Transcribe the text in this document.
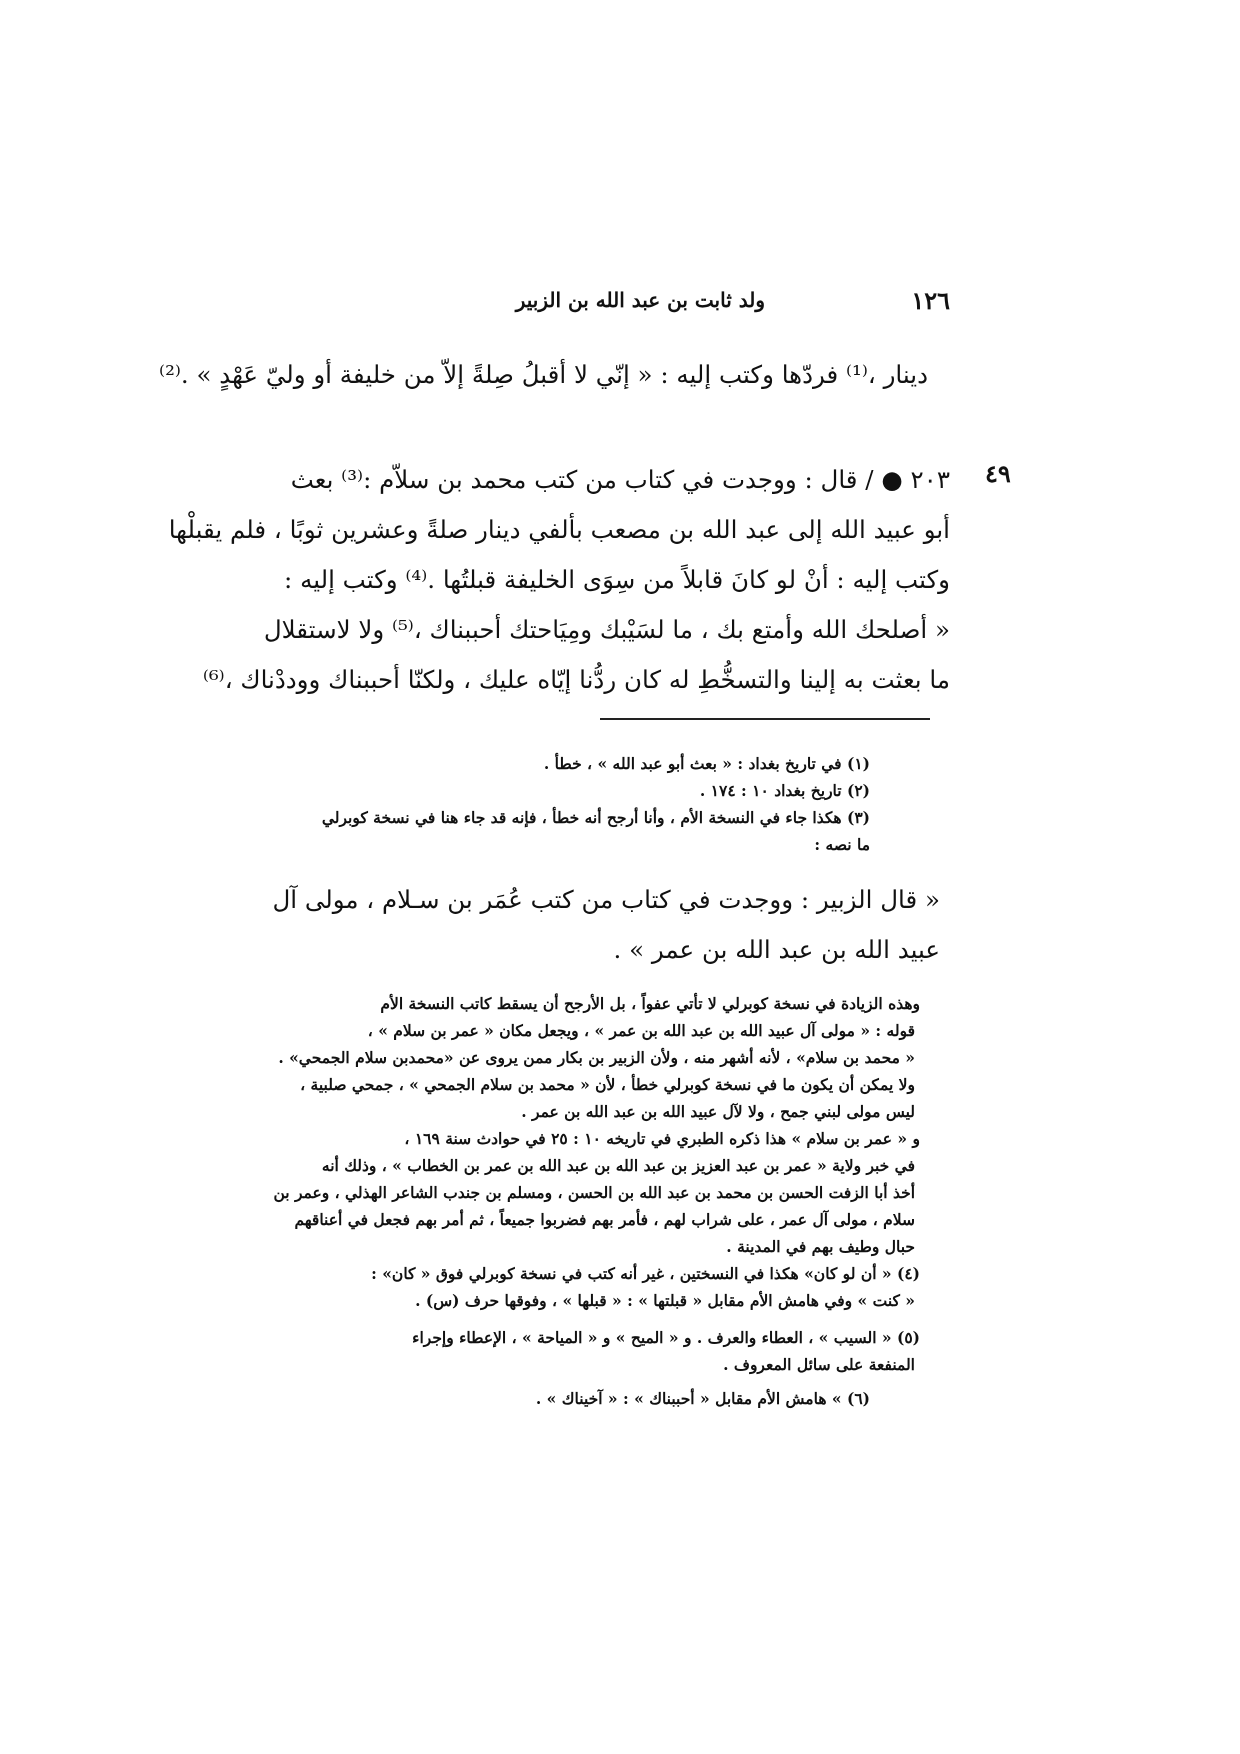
١٢٦
ولد ثابت بن عبد الله بن الزبير
دينار ،⁽¹⁾ فردّها وكتب إليه : « إنّي لا أقبلُ صِلةً إلاّ من خليفة أو وليّ عَهْدٍ » .⁽²⁾
٤٩
٢٠٣ ● / قال : ووجدت في كتاب من كتب محمد بن سلاّم :⁽³⁾ بعث
أبو عبيد الله إلى عبد الله بن مصعب بألفي دينار صلةً وعشرين ثوبًا ، فلم يقبلْها
وكتب إليه : أنْ لو كانَ قابلاً من سِوَى الخليفة قبلتُها .⁽⁴⁾ وكتب إليه :
« أصلحك الله وأمتع بك ، ما لسَيْبك ومِيَاحتك أحببناك ،⁽⁵⁾ ولا لاستقلال
ما بعثت به إلينا والتسخُّطِ له كان ردُّنا إيّاه عليك ، ولكنّا أحببناك ووددْناك ،⁽⁶⁾
(١) في تاريخ بغداد : « بعث أبو عبد الله » ، خطأ .
(٢) تاريخ بغداد ١٠ : ١٧٤ .
(٣) هكذا جاء في النسخة الأم ، وأنا أرجح أنه خطأ ، فإنه قد جاء هنا في نسخة كوبرلي
ما نصه :
« قال الزبير : ووجدت في كتاب من كتب عُمَر بن سـلام ، مولى آل
عبيد الله بن عبد الله بن عمر » .
وهذه الزيادة في نسخة كوبرلي لا تأتي عفواً ، بل الأرجح أن يسقط كاتب النسخة الأم
قوله : « مولى آل عبيد الله بن عبد الله بن عمر » ، ويجعل مكان « عمر بن سلام » ،
« محمد بن سلام» ، لأنه أشهر منه ، ولأن الزبير بن بكار ممن يروى عن «محمدبن سلام الجمحي» .
ولا يمكن أن يكون ما في نسخة كوبرلي خطأ ، لأن « محمد بن سلام الجمحي » ، جمحي صلبية ،
ليس مولى لبني جمح ، ولا لآل عبيد الله بن عبد الله بن عمر .
و « عمر بن سلام » هذا ذكره الطبري في تاريخه ١٠ : ٢٥ في حوادث سنة ١٦٩ ،
في خبر ولاية « عمر بن عبد العزيز بن عبد الله بن عبد الله بن عمر بن الخطاب » ، وذلك أنه
أخذ أبا الزفت الحسن بن محمد بن عبد الله بن الحسن ، ومسلم بن جندب الشاعر الهذلي ، وعمر بن
سلام ، مولى آل عمر ، على شراب لهم ، فأمر بهم فضربوا جميعاً ، ثم أمر بهم فجعل في أعناقهم
حبال وطيف بهم في المدينة .
(٤) « أن لو كان» هكذا في النسختين ، غير أنه كتب في نسخة كوبرلي فوق « كان» :
« كنت » وفي هامش الأم مقابل « قبلتها » : « قبلها » ، وفوقها حرف (س) .
(٥) « السيب » ، العطاء والعرف . و « الميح » و « المياحة » ، الإعطاء وإجراء
المنفعة على سائل المعروف .
(٦) » هامش الأم مقابل « أحببناك » : « آخيناك » .
